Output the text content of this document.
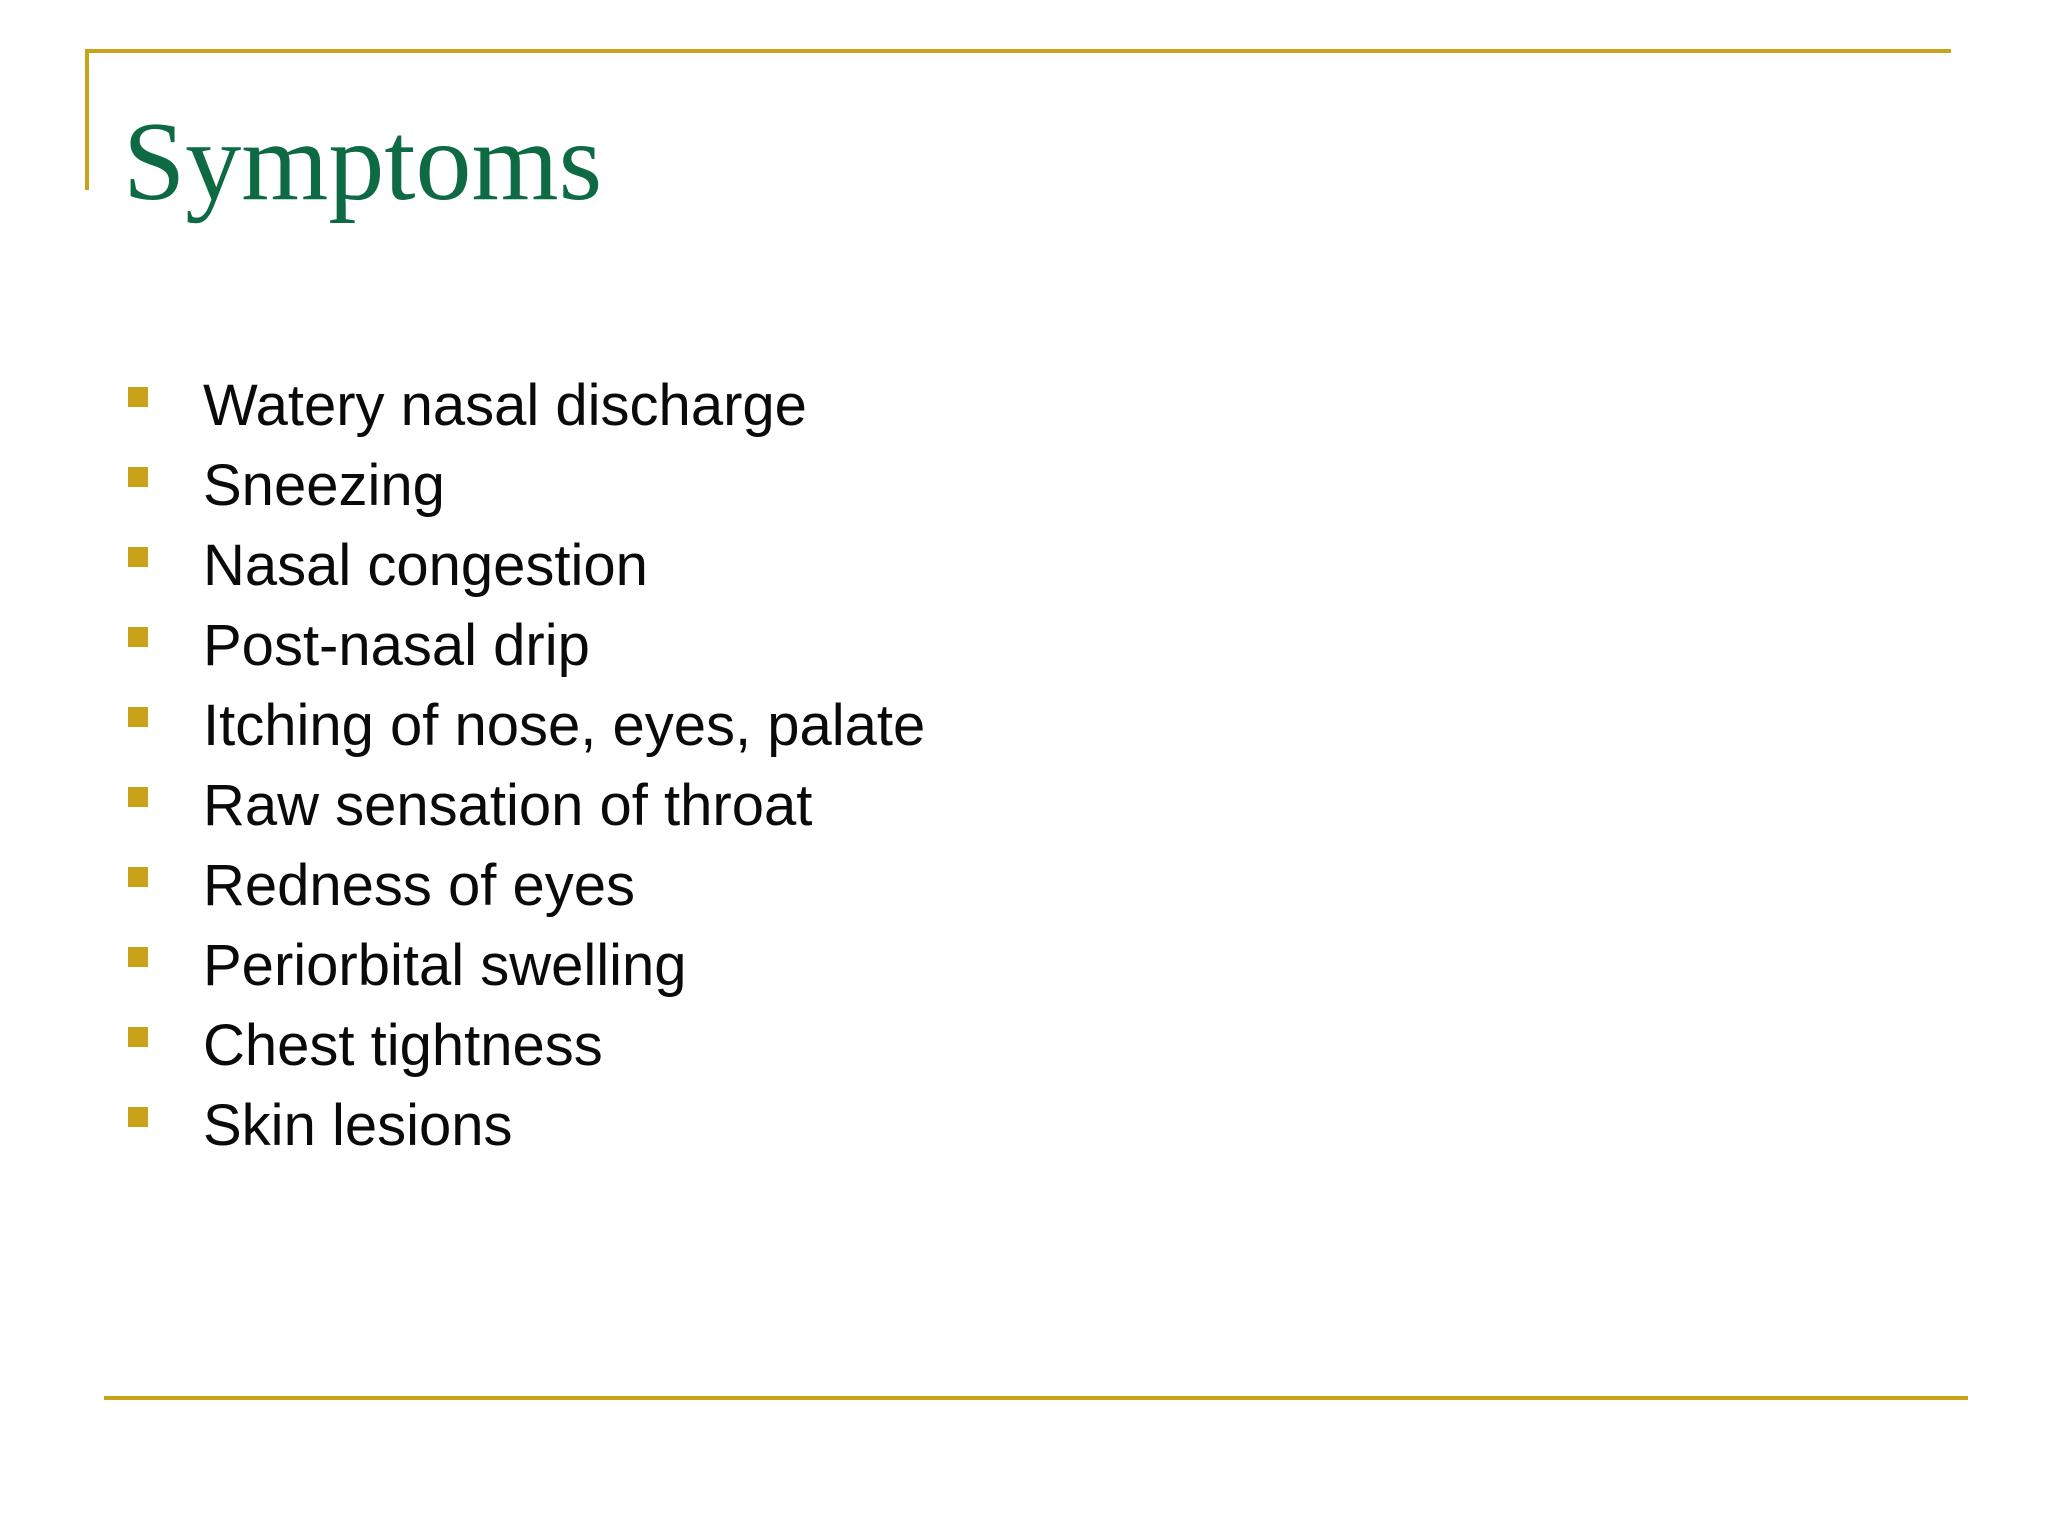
Symptoms
Watery nasal discharge
Sneezing
Nasal congestion
Post-nasal drip
Itching of nose, eyes, palate
Raw sensation of throat
Redness of eyes
Periorbital swelling
Chest tightness
Skin lesions
